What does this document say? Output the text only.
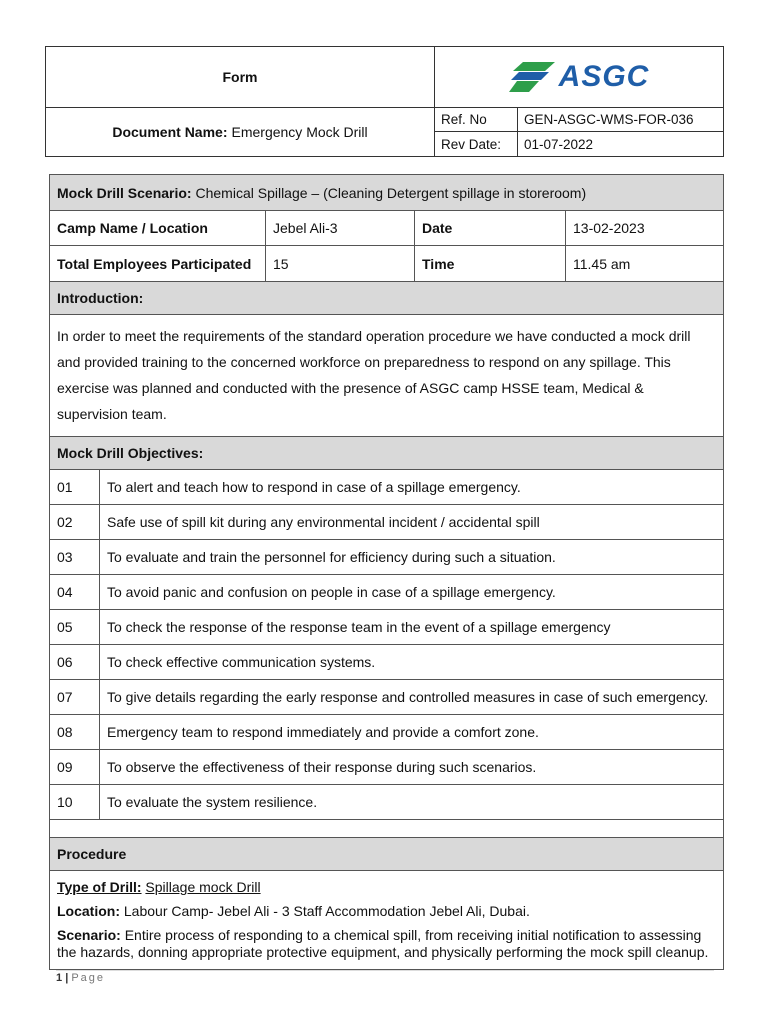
Form	ASGC
Document Name: Emergency Mock Drill
Ref. No	GEN-ASGC-WMS-FOR-036
Rev Date:	01-07-2022
Mock Drill Scenario:
Chemical Spillage – (Cleaning Detergent spillage in storeroom)
Camp Name / Location	Jebel Ali-3	Date	13-02-2023
Total Employees Participated	15	Time	11.45 am
Introduction:
In order to meet the requirements of the standard operation procedure we have conducted a mock drill and provided training to the concerned workforce on preparedness to respond on any spillage. This exercise was planned and conducted with the presence of ASGC camp HSSE team, Medical & supervision team.
Mock Drill Objectives:
01	To alert and teach how to respond in case of a spillage emergency.
02	Safe use of spill kit during any environmental incident / accidental spill
03	To evaluate and train the personnel for efficiency during such a situation.
04	To avoid panic and confusion on people in case of a spillage emergency.
05	To check the response of the response team in the event of a spillage emergency
06	To check effective communication systems.
07	To give details regarding the early response and controlled measures in case of such emergency.
08	Emergency team to respond immediately and provide a comfort zone.
09	To observe the effectiveness of their response during such scenarios.
10	To evaluate the system resilience.
Procedure

Type of Drill: Spillage mock Drill

Location: Labour Camp- Jebel Ali - 3 Staff Accommodation Jebel Ali, Dubai.

Scenario: Entire process of responding to a chemical spill, from receiving initial notification to assessing the hazards, donning appropriate protective equipment, and physically performing the mock spill cleanup.

1 | Page
